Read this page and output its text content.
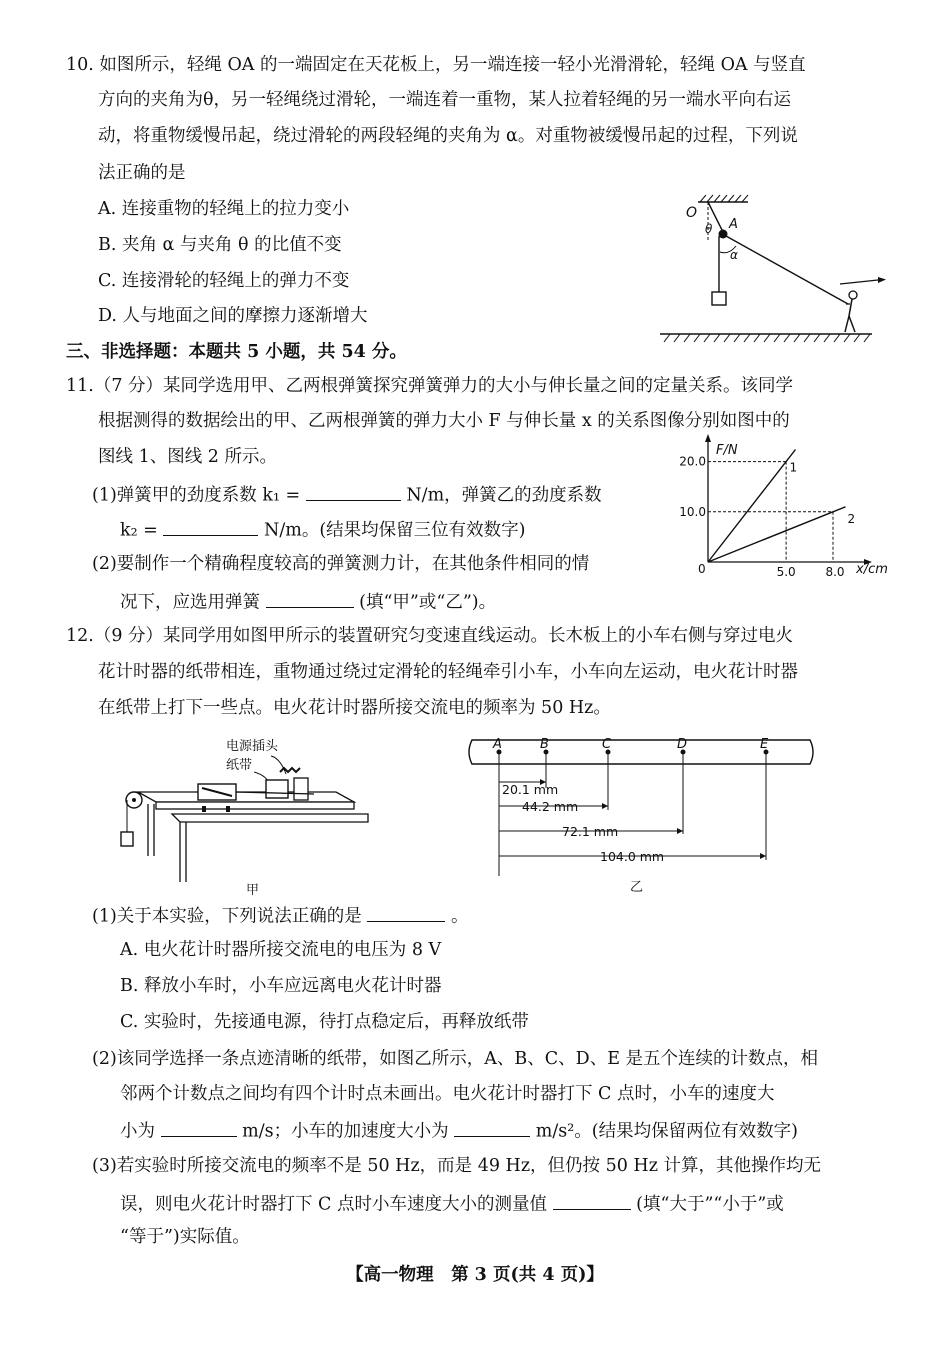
10. 如图所示，轻绳 OA 的一端固定在天花板上，另一端连接一轻小光滑滑轮，轻绳 OA 与竖直
方向的夹角为θ，另一轻绳绕过滑轮，一端连着一重物，某人拉着轻绳的另一端水平向右运
动，将重物缓慢吊起，绕过滑轮的两段轻绳的夹角为 α。对重物被缓慢吊起的过程，下列说
法正确的是
A. 连接重物的轻绳上的拉力变小
B. 夹角 α 与夹角 θ 的比值不变
C. 连接滑轮的轻绳上的弹力不变
D. 人与地面之间的摩擦力逐渐增大
O
θ A
α
三、非选择题：本题共 5 小题，共 54 分。
11.（7 分）某同学选用甲、乙两根弹簧探究弹簧弹力的大小与伸长量之间的定量关系。该同学
根据测得的数据绘出的甲、乙两根弹簧的弹力大小 F 与伸长量 x 的关系图像分别如图中的
图线 1、图线 2 所示。
(1)弹簧甲的劲度系数 k₁ =	N/m，弹簧乙的劲度系数
k₂ =	N/m。(结果均保留三位有效数字)
(2)要制作一个精确程度较高的弹簧测力计，在其他条件相同的情
况下，应选用弹簧	(填“甲”或“乙”)。
F/N
x/cm
0
20.0
10.0
5.0 8.0
1
2
12.（9 分）某同学用如图甲所示的装置研究匀变速直线运动。长木板上的小车右侧与穿过电火
花计时器的纸带相连，重物通过绕过定滑轮的轻绳牵引小车，小车向左运动，电火花计时器
在纸带上打下一些点。电火花计时器所接交流电的频率为 50 Hz。
电源插头
纸带
甲
A	B	C	D	E
20.1 mm
44.2 mm
72.1 mm
104.0 mm
乙
(1)关于本实验，下列说法正确的是	。
A. 电火花计时器所接交流电的电压为 8 V
B. 释放小车时，小车应远离电火花计时器
C. 实验时，先接通电源，待打点稳定后，再释放纸带
(2)该同学选择一条点迹清晰的纸带，如图乙所示，A、B、C、D、E 是五个连续的计数点，相
邻两个计数点之间均有四个计时点未画出。电火花计时器打下 C 点时，小车的速度大
小为	m/s；小车的加速度大小为	m/s²。(结果均保留两位有效数字)
(3)若实验时所接交流电的频率不是 50 Hz，而是 49 Hz，但仍按 50 Hz 计算，其他操作均无
误，则电火花计时器打下 C 点时小车速度大小的测量值	(填“大于”“小于”或
“等于”)实际值。
【高一物理　第 3 页(共 4 页)】
